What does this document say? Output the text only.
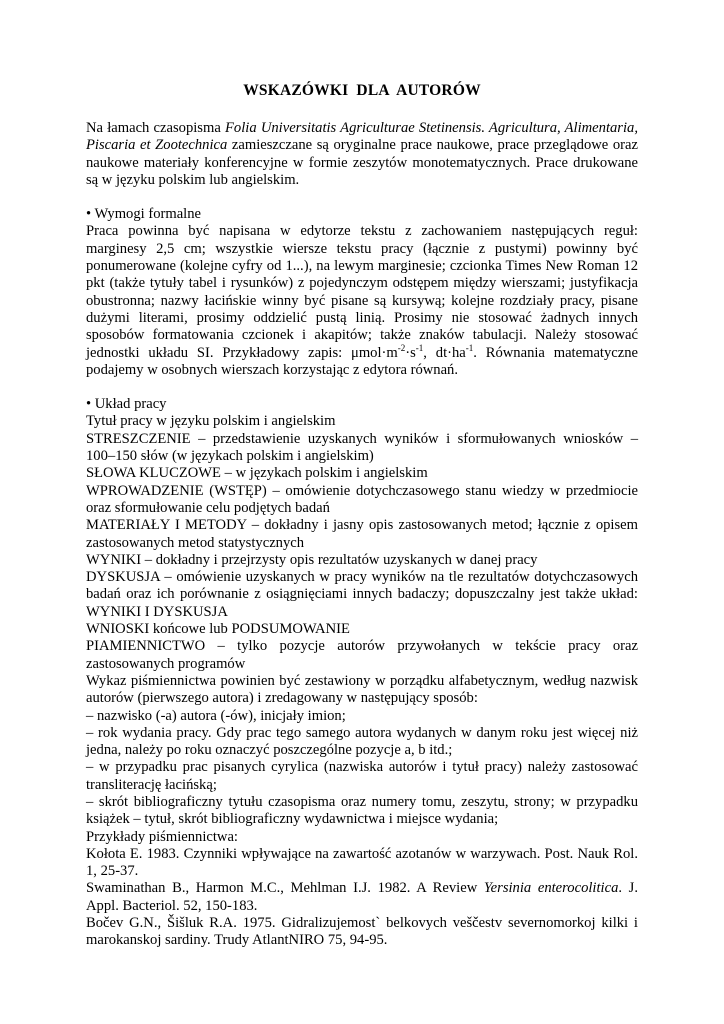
WSKAZÓWKI DLA AUTORÓW

Na łamach czasopisma Folia Universitatis Agriculturae Stetinensis. Agricultura, Alimentaria, Piscaria et Zootechnica zamieszczane są oryginalne prace naukowe, prace przeglądowe oraz naukowe materiały konferencyjne w formie zeszytów monotematycznych. Prace drukowane są w języku polskim lub angielskim.

• Wymogi formalne

Praca powinna być napisana w edytorze tekstu z zachowaniem następujących reguł: marginesy 2,5 cm; wszystkie wiersze tekstu pracy (łącznie z pustymi) powinny być ponumerowane (kolejne cyfry od 1...), na lewym marginesie; czcionka Times New Roman 12 pkt (także tytuły tabel i rysunków) z pojedynczym odstępem między wierszami; justyfikacja obustronna; nazwy łacińskie winny być pisane są kursywą; kolejne rozdziały pracy, pisane dużymi literami, prosimy oddzielić pustą linią. Prosimy nie stosować żadnych innych sposobów formatowania czcionek i akapitów; także znaków tabulacji. Należy stosować jednostki układu SI. Przykładowy zapis: $\mu mol\cdot m^{-2}\cdot s^{-1}$, $dt\cdot ha^{-1}$. Równania matematyczne podajemy w osobnych wierszach korzystając z edytora równań.

• Układ pracy

Tytuł pracy w języku polskim i angielskim

STRESZCZENIE – przedstawienie uzyskanych wyników i sformułowanych wniosków – 100–150 słów (w językach polskim i angielskim)

SŁOWA KLUCZOWE – w językach polskim i angielskim

WPROWADZENIE (WSTĘP) – omówienie dotychczasowego stanu wiedzy w przedmiocie oraz sformułowanie celu podjętych badań

MATERIAŁY I METODY – dokładny i jasny opis zastosowanych metod; łącznie z opisem zastosowanych metod statystycznych

WYNIKI – dokładny i przejrzysty opis rezultatów uzyskanych w danej pracy

DYSKUSJA – omówienie uzyskanych w pracy wyników na tle rezultatów dotychczasowych badań oraz ich porównanie z osiągnięciami innych badaczy; dopuszczalny jest także układ: WYNIKI I DYSKUSJA

WNIOSKI końcowe lub PODSUMOWANIE

PIAMIENNICTWO – tylko pozycje autorów przywołanych w tekście pracy oraz zastosowanych programów

Wykaz piśmiennictwa powinien być zestawiony w porządku alfabetycznym, według nazwisk autorów (pierwszego autora) i zredagowany w następujący sposób:

– nazwisko (-a) autora (-ów), inicjały imion;

– rok wydania pracy. Gdy prac tego samego autora wydanych w danym roku jest więcej niż jedna, należy po roku oznaczyć poszczególne pozycje a, b itd.;

– w przypadku prac pisanych cyrylica (nazwiska autorów i tytuł pracy) należy zastosować transliterację łacińską;

– skrót bibliograficzny tytułu czasopisma oraz numery tomu, zeszytu, strony; w przypadku książek – tytuł, skrót bibliograficzny wydawnictwa i miejsce wydania;

Przykłady piśmiennictwa:

Kołota E. 1983. Czynniki wpływające na zawartość azotanów w warzywach. Post. Nauk Rol. 1, 25-37.

Swaminathan B., Harmon M.C., Mehlman I.J. 1982. A Review Yersinia enterocolitica. J. Appl. Bacteriol. 52, 150-183.

Bočev G.N., Šišluk R.A. 1975. Gidralizujemost` belkovych veščestv severnomorkoj kilki i marokanskoj sardiny. Trudy AtlantNIRO 75, 94-95.
